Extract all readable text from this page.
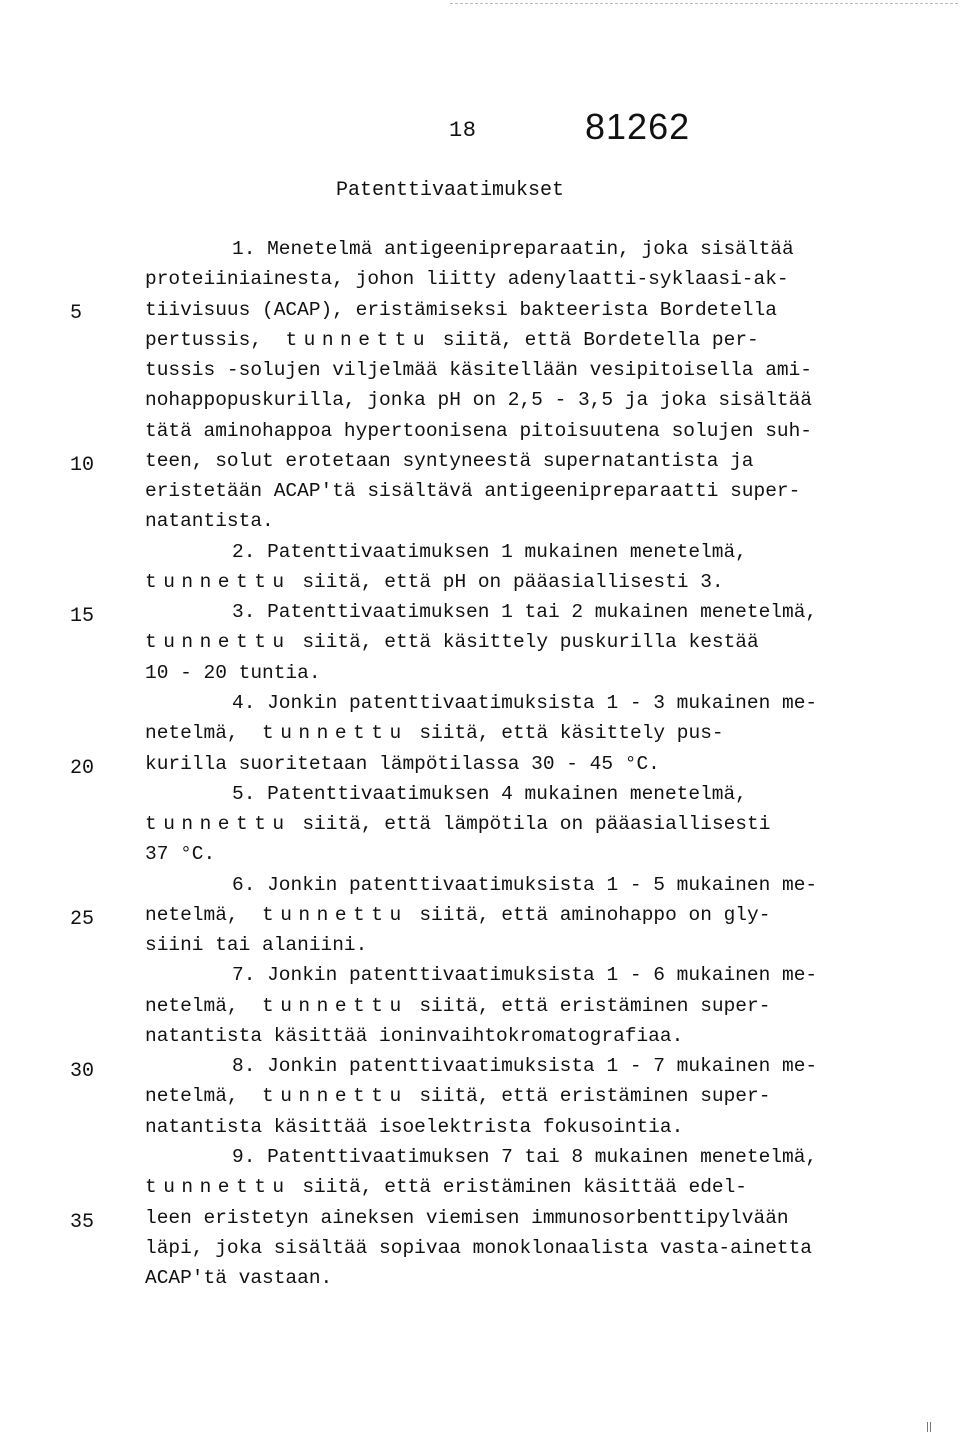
18	81262
Patenttivaatimukset
5
10
15
20
25
30
35
1. Menetelmä antigeenipreparaatin, joka sisältää
proteiiniainesta, johon liitty adenylaatti-syklaasi-ak-
tiivisuus (ACAP), eristämiseksi bakteerista Bordetella
pertussis, tunnettu siitä, että Bordetella per-
tussis -solujen viljelmää käsitellään vesipitoisella ami-
nohappopuskurilla, jonka pH on 2,5 - 3,5 ja joka sisältää
tätä aminohappoa hypertoonisena pitoisuutena solujen suh-
teen, solut erotetaan syntyneestä supernatantista ja
eristetään ACAP'tä sisältävä antigeenipreparaatti super-
natantista.
2. Patenttivaatimuksen 1 mukainen menetelmä,
tunnettu siitä, että pH on pääasiallisesti 3.
3. Patenttivaatimuksen 1 tai 2 mukainen menetelmä,
tunnettu siitä, että käsittely puskurilla kestää
10 - 20 tuntia.
4. Jonkin patenttivaatimuksista 1 - 3 mukainen me-
netelmä, tunnettu siitä, että käsittely pus-
kurilla suoritetaan lämpötilassa 30 - 45 °C.
5. Patenttivaatimuksen 4 mukainen menetelmä,
tunnettu siitä, että lämpötila on pääasiallisesti
37 °C.
6. Jonkin patenttivaatimuksista 1 - 5 mukainen me-
netelmä, tunnettu siitä, että aminohappo on gly-
siini tai alaniini.
7. Jonkin patenttivaatimuksista 1 - 6 mukainen me-
netelmä, tunnettu siitä, että eristäminen super-
natantista käsittää ioninvaihtokromatografiaa.
8. Jonkin patenttivaatimuksista 1 - 7 mukainen me-
netelmä, tunnettu siitä, että eristäminen super-
natantista käsittää isoelektrista fokusointia.
9. Patenttivaatimuksen 7 tai 8 mukainen menetelmä,
tunnettu siitä, että eristäminen käsittää edel-
leen eristetyn aineksen viemisen immunosorbenttipylvään
läpi, joka sisältää sopivaa monoklonaalista vasta-ainetta
ACAP'tä vastaan.
